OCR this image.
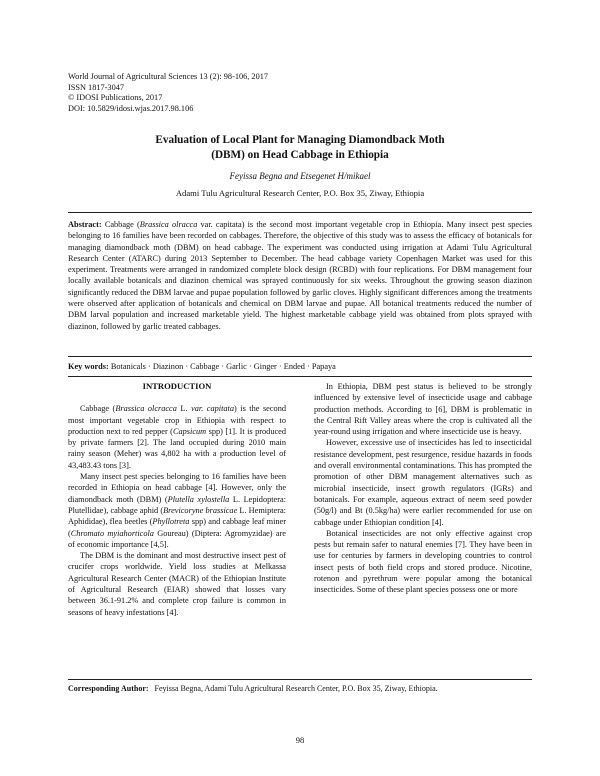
World Journal of Agricultural Sciences 13 (2): 98-106, 2017
ISSN 1817-3047
© IDOSI Publications, 2017
DOI: 10.5829/idosi.wjas.2017.98.106
Evaluation of Local Plant for Managing Diamondback Moth
(DBM) on Head Cabbage in Ethiopia
Feyissa Begna and Etsegenet H/mikael
Adami Tulu Agricultural Research Center, P.O. Box 35, Ziway, Ethiopia
Abstract: Cabbage (Brassica olracca var. capitata) is the second most important vegetable crop in Ethiopia. Many insect pest species belonging to 16 families have been recorded on cabbages. Therefore, the objective of this study was to assess the efficacy of botanicals for managing diamondback moth (DBM) on head cabbage. The experiment was conducted using irrigation at Adami Tulu Agricultural Research Center (ATARC) during 2013 September to December. The head cabbage variety Copenhagen Market was used for this experiment. Treatments were arranged in randomized complete block design (RCBD) with four replications. For DBM management four locally available botanicals and diazinon chemical was sprayed continuously for six weeks. Throughout the growing season diazinon significantly reduced the DBM larvae and pupae population followed by garlic cloves. Highly significant differences among the treatments were observed after application of botanicals and chemical on DBM larvae and pupae. All botanical treatments reduced the number of DBM larval population and increased marketable yield. The highest marketable cabbage yield was obtained from plots sprayed with diazinon, followed by garlic treated cabbages.
Key words: Botanicals · Diazinon · Cabbage · Garlic · Ginger · Ended · Papaya
INTRODUCTION

Cabbage (Brassica olcracca L. var. capitata) is the second most important vegetable crop in Ethiopia with respect to production next to red pepper (Capsicum spp) [1]. It is produced by private farmers [2]. The land occupied during 2010 main rainy season (Meher) was 4,802 ha with a production level of 43,483.43 tons [3].

Many insect pest species belonging to 16 families have been recorded in Ethiopia on head cabbage [4]. However, only the diamondback moth (DBM) (Plutella xylostella L. Lepidoptera: Plutellidae), cabbage aphid (Brevicoryne brassicae L. Hemiptera: Aphididae), flea beetles (Phyllotreta spp) and cabbage leaf miner (Chromato myiahorticola Goureau) (Diptera: Agromyzidae) are of economic importance [4,5].

The DBM is the dominant and most destructive insect pest of crucifer crops worldwide. Yield loss studies at Melkassa Agricultural Research Center (MACR) of the Ethiopian Institute of Agricultural Research (EIAR) showed that losses vary between 36.1-91.2% and complete crop failure is common in seasons of heavy infestations [4].

In Ethiopia, DBM pest status is believed to be strongly influenced by extensive level of insecticide usage and cabbage production methods. According to [6], DBM is problematic in the Central Rift Valley areas where the crop is cultivated all the year-round using irrigation and where insecticide use is heavy.

However, excessive use of insecticides has led to insecticidal resistance development, pest resurgence, residue hazards in foods and overall environmental contaminations. This has prompted the promotion of other DBM management alternatives such as microbial insecticide, insect growth regulators (IGRs) and botanicals. For example, aqueous extract of neem seed powder (50g/l) and Bt (0.5kg/ha) were earlier recommended for use on cabbage under Ethiopian condition [4].

Botanical insecticides are not only effective against crop pests but remain safer to natural enemies [7]. They have been in use for centuries by farmers in developing countries to control insect pests of both field crops and stored produce. Nicotine, rotenon and pyrethrum were popular among the botanical insecticides. Some of these plant species possess one or more

Corresponding Author: Feyissa Begna, Adami Tulu Agricultural Research Center, P.O. Box 35, Ziway, Ethiopia.
98
